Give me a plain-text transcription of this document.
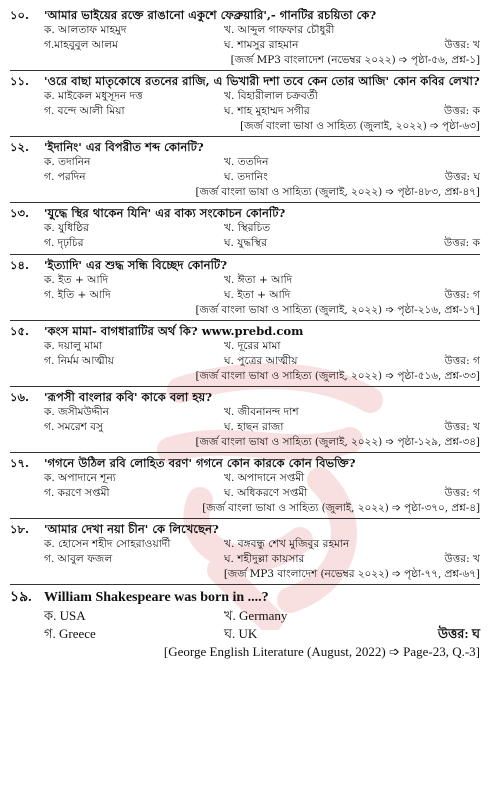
১০.	'আমার ভাইয়ের রক্তে রাঙানো একুশে ফেব্রুয়ারি',- গানটির রচয়িতা কে?
ক. আলতাফ মাহমুদ	খ. আব্দুল গাফফার চৌধুরী
গ.মাহবুবুল আলম	ঘ. শামসুর রাহমান	উত্তর: খ
[জর্জ MP3 বাংলাদেশ (নভেম্বর ২০২২) ➩ পৃষ্ঠা-৫৬, প্রশ্ন-১]
১১.	'ওরে বাছা মাতৃকোষে রতনের রাজি, এ ভিখারী দশা তবে কেন তোর আজি' কোন কবির লেখা?
ক. মাইকেল মধুসূদন দত্ত	খ. বিহারীলাল চক্রবর্তী
গ. বন্দে আলী মিয়া	ঘ. শাহ মুহাম্মদ সগীর	উত্তর: ক
[জর্জ বাংলা ভাষা ও সাহিত্য (জুলাই, ২০২২) ➩ পৃষ্ঠা-৬৩]
১২.	'ইদানিং' এর বিপরীত শব্দ কোনটি?
ক. তদানিন	খ. ততদিন
গ. পরদিন	ঘ. তদানিং	উত্তর: ঘ
[জর্জ বাংলা ভাষা ও সাহিত্য (জুলাই, ২০২২) ➩ পৃষ্ঠা-৪৮৩, প্রশ্ন-৪৭]
১৩.	'যুদ্ধে স্থির থাকেন যিনি' এর বাক্য সংকোচন কোনটি?
ক. যুধিষ্ঠির	খ. স্থিরচিত
গ. দৃঢ়চির	ঘ. যুদ্ধস্থির	উত্তর: ক
১৪.	'ইত্যাদি' এর শুদ্ধ সন্ধি বিচ্ছেদ কোনটি?
ক. ইত + আদি	খ. ঈতা + আদি
গ. ইতি + আদি	ঘ. ইতা + আদি	উত্তর: গ
[জর্জ বাংলা ভাষা ও সাহিত্য (জুলাই, ২০২২) ➩ পৃষ্ঠা-২১৬, প্রশ্ন-১৭]
১৫.	'কংস মামা- বাগধারাটির অর্থ কি? www.prebd.com
ক. দয়ালু মামা	খ. দূরের মামা
গ. নির্মম আত্মীয়	ঘ. পুত্রের আত্মীয়	উত্তর: গ
[জর্জ বাংলা ভাষা ও সাহিত্য (জুলাই, ২০২২) ➩ পৃষ্ঠা-৫১৬, প্রশ্ন-৩৩]
১৬.	'রূপসী বাংলার কবি' কাকে বলা হয়?
ক. জসীমউদ্দীন	খ. জীবনানন্দ দাশ
গ. সমরেশ বসু	ঘ. হাছন রাজা	উত্তর: খ
[জর্জ বাংলা ভাষা ও সাহিত্য (জুলাই, ২০২২) ➩ পৃষ্ঠা-১২৯, প্রশ্ন-৩৪]
১৭.	'গগনে উঠিল রবি লোহিত বরণ' গগনে কোন কারকে কোন বিভক্তি?
ক. অপাদানে শূন্য	খ. অপাদানে সপ্তমী
গ. করণে সপ্তমী	ঘ. অধিকরণে সপ্তমী	উত্তর: গ
[জর্জ বাংলা ভাষা ও সাহিত্য (জুলাই, ২০২২) ➩ পৃষ্ঠা-৩৭০, প্রশ্ন-৪]
১৮.	'আমার দেখা নয়া চীন' কে লিখেছেন?
ক. হোসেন শহীদ সোহরাওয়ার্দী	খ. বঙ্গবন্ধু শেখ মুজিবুর রহমান
গ. আবুল ফজল	ঘ. শহীদুল্লা কায়সার	উত্তর: খ
[জর্জ MP3 বাংলাদেশ (নভেম্বর ২০২২) ➩ পৃষ্ঠা-৭৭, প্রশ্ন-৬৭]
১৯. William Shakespeare was born in ....?
ক. USA	খ. Germany
গ. Greece	ঘ. UK	উত্তর: ঘ
[George English Literature (August, 2022) ➩ Page-23, Q.-3]
